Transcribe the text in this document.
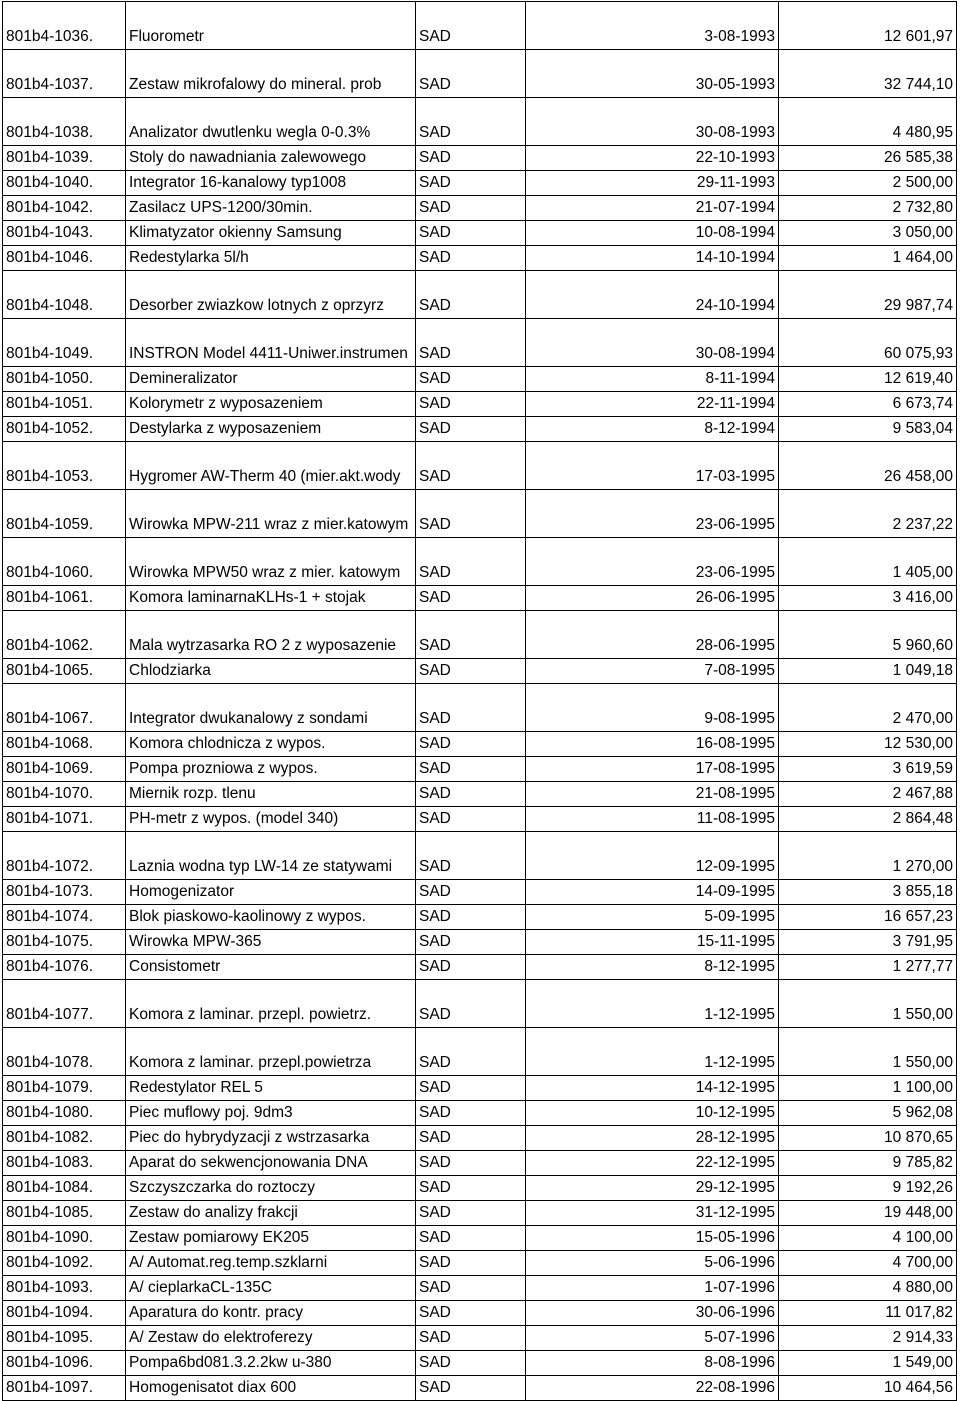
801b4-1036.	Fluorometr	SAD	3-08-1993	12 601,97
801b4-1037.	Zestaw mikrofalowy do mineral. prob	SAD	30-05-1993	32 744,10
801b4-1038.	Analizator dwutlenku wegla 0-0.3%	SAD	30-08-1993	4 480,95
801b4-1039.	Stoly do nawadniania zalewowego	SAD	22-10-1993	26 585,38
801b4-1040.	Integrator 16-kanalowy typ1008	SAD	29-11-1993	2 500,00
801b4-1042.	Zasilacz UPS-1200/30min.	SAD	21-07-1994	2 732,80
801b4-1043.	Klimatyzator okienny Samsung	SAD	10-08-1994	3 050,00
801b4-1046.	Redestylarka 5l/h	SAD	14-10-1994	1 464,00
801b4-1048.	Desorber zwiazkow lotnych z oprzyrz	SAD	24-10-1994	29 987,74
801b4-1049.	INSTRON Model 4411-Uniwer.instrumen	SAD	30-08-1994	60 075,93
801b4-1050.	Demineralizator	SAD	8-11-1994	12 619,40
801b4-1051.	Kolorymetr z wyposazeniem	SAD	22-11-1994	6 673,74
801b4-1052.	Destylarka z wyposazeniem	SAD	8-12-1994	9 583,04
801b4-1053.	Hygromer AW-Therm 40 (mier.akt.wody	SAD	17-03-1995	26 458,00
801b4-1059.	Wirowka MPW-211 wraz z mier.katowym	SAD	23-06-1995	2 237,22
801b4-1060.	Wirowka MPW50 wraz z mier. katowym	SAD	23-06-1995	1 405,00
801b4-1061.	Komora laminarnaKLHs-1 + stojak	SAD	26-06-1995	3 416,00
801b4-1062.	Mala wytrzasarka RO 2 z wyposazenie	SAD	28-06-1995	5 960,60
801b4-1065.	Chlodziarka	SAD	7-08-1995	1 049,18
801b4-1067.	Integrator dwukanalowy z sondami	SAD	9-08-1995	2 470,00
801b4-1068.	Komora chlodnicza z wypos.	SAD	16-08-1995	12 530,00
801b4-1069.	Pompa prozniowa z wypos.	SAD	17-08-1995	3 619,59
801b4-1070.	Miernik rozp. tlenu	SAD	21-08-1995	2 467,88
801b4-1071.	PH-metr z wypos. (model 340)	SAD	11-08-1995	2 864,48
801b4-1072.	Laznia wodna typ LW-14 ze statywami	SAD	12-09-1995	1 270,00
801b4-1073.	Homogenizator	SAD	14-09-1995	3 855,18
801b4-1074.	Blok piaskowo-kaolinowy z wypos.	SAD	5-09-1995	16 657,23
801b4-1075.	Wirowka MPW-365	SAD	15-11-1995	3 791,95
801b4-1076.	Consistometr	SAD	8-12-1995	1 277,77
801b4-1077.	Komora z laminar. przepl. powietrz.	SAD	1-12-1995	1 550,00
801b4-1078.	Komora z laminar. przepl.powietrza	SAD	1-12-1995	1 550,00
801b4-1079.	Redestylator REL 5	SAD	14-12-1995	1 100,00
801b4-1080.	Piec muflowy poj. 9dm3	SAD	10-12-1995	5 962,08
801b4-1082.	Piec do hybrydyzacji z wstrzasarka	SAD	28-12-1995	10 870,65
801b4-1083.	Aparat do sekwencjonowania DNA	SAD	22-12-1995	9 785,82
801b4-1084.	Szczyszczarka do roztoczy	SAD	29-12-1995	9 192,26
801b4-1085.	Zestaw do analizy frakcji	SAD	31-12-1995	19 448,00
801b4-1090.	Zestaw pomiarowy EK205	SAD	15-05-1996	4 100,00
801b4-1092.	A/ Automat.reg.temp.szklarni	SAD	5-06-1996	4 700,00
801b4-1093.	A/ cieplarkaCL-135C	SAD	1-07-1996	4 880,00
801b4-1094.	Aparatura do kontr. pracy	SAD	30-06-1996	11 017,82
801b4-1095.	A/ Zestaw do elektroferezy	SAD	5-07-1996	2 914,33
801b4-1096.	Pompa6bd081.3.2.2kw u-380	SAD	8-08-1996	1 549,00
801b4-1097.	Homogenisatot diax 600	SAD	22-08-1996	10 464,56
